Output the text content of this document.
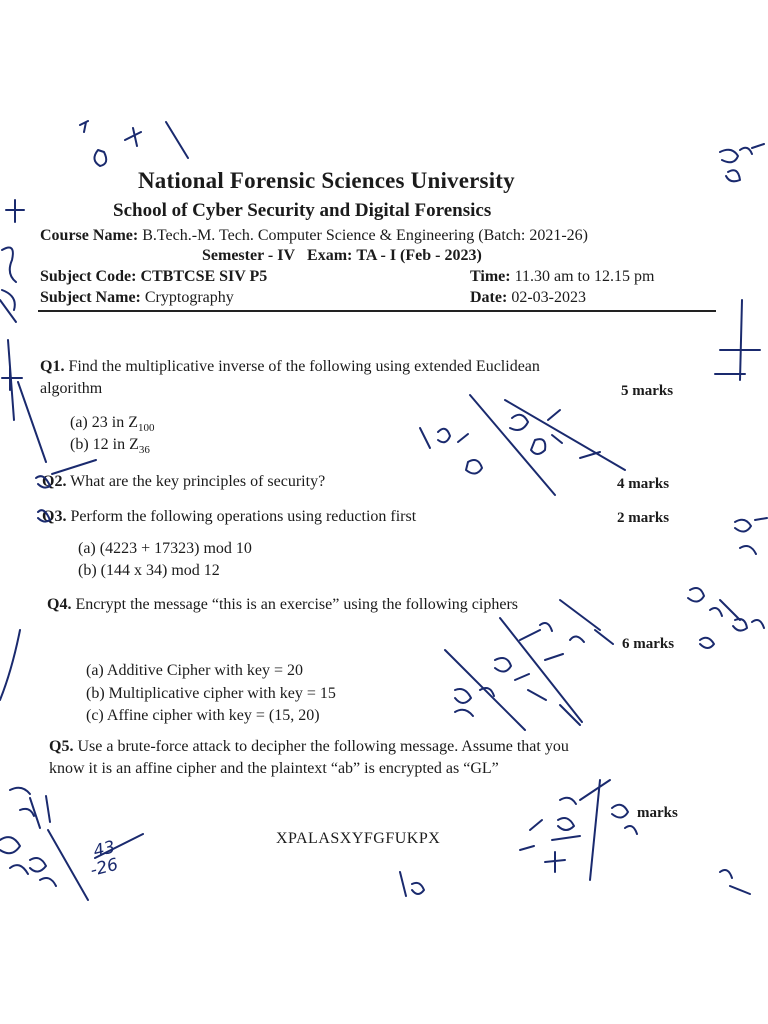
National Forensic Sciences University
School of Cyber Security and Digital Forensics
Course Name: B.Tech.-M. Tech. Computer Science & Engineering (Batch: 2021-26)
Semester - IV Exam: TA - I (Feb - 2023)
Subject Code: CTBTCSE SIV P5	Time: 11.30 am to 12.15 pm
Subject Name: Cryptography	Date: 02-03-2023
Q1. Find the multiplicative inverse of the following using extended Euclidean
algorithm	5 marks
(a) 23 in $Z_{100}$
(b) 12 in $Z_{36}$
Q2. What are the key principles of security?	4 marks
Q3. Perform the following operations using reduction first	2 marks
(a) (4223 + 17323) mod 10
(b) (144 x 34) mod 12
Q4. Encrypt the message “this is an exercise” using the following ciphers
6 marks
(a) Additive Cipher with key = 20
(b) Multiplicative cipher with key = 15
(c) Affine cipher with key = (15, 20)
Q5. Use a brute-force attack to decipher the following message. Assume that you
know it is an affine cipher and the plaintext “ab” is encrypted as “GL”
marks
XPALASXYFGFUKPX
43
-26
